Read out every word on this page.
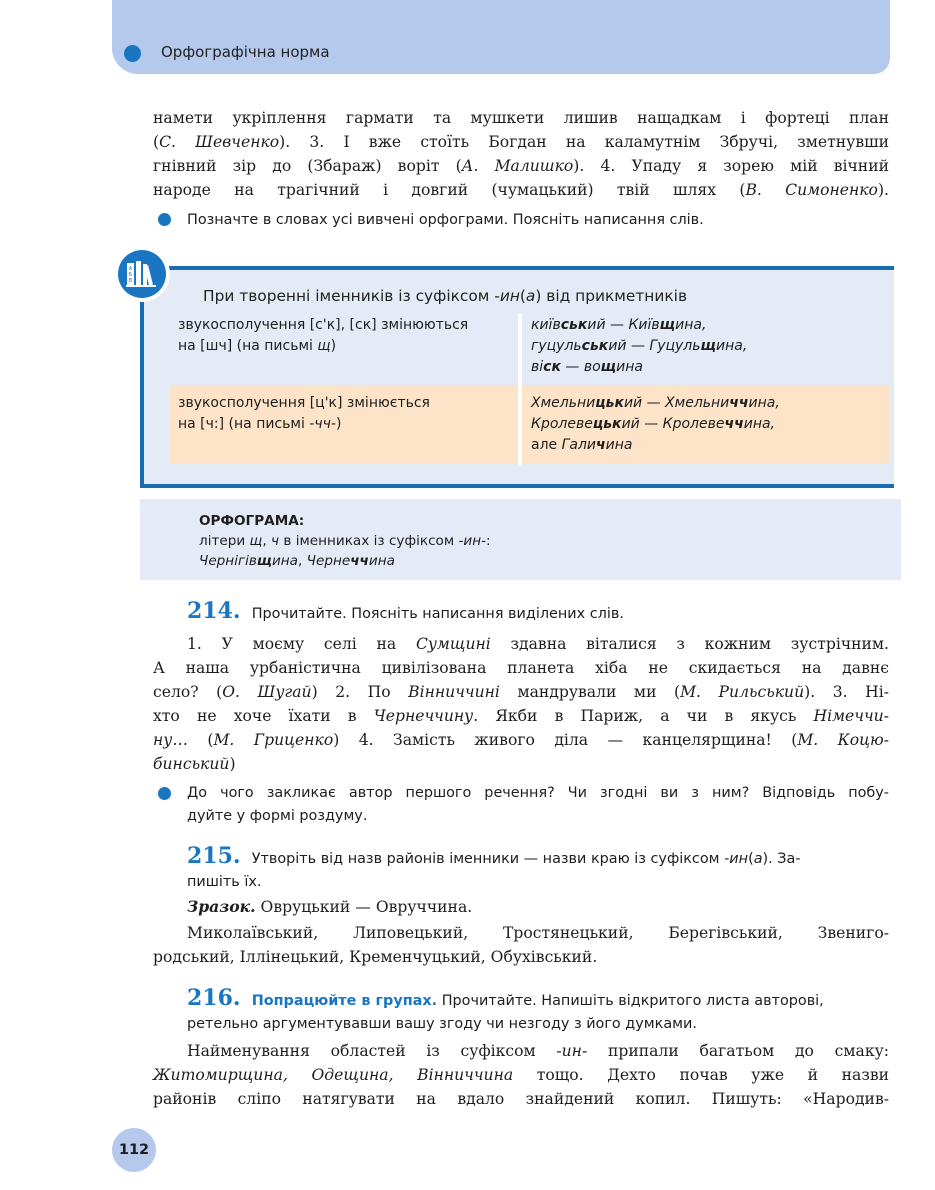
Орфографічна норма
намети укріплення гармати та мушкети лишив нащадкам і фортеці план
(С. Шевченко). 3. І вже стоїть Богдан на каламутнім Збручі, зметнувши
гнівний зір до (Збараж) воріт (А. Малишко). 4. Упаду я зорею мій вічний
народе на трагічний і довгий (чумацький) твій шлях (В. Симоненко).
Позначте в словах усі вивчені орфограми. Поясніть написання слів.
А
Б
В
При творенні іменників із суфіксом -ин(а) від прикметників
звукосполучення [с'к], [ск] змінюються
на [шч] (на письмі щ)
київський — Київщина,
гуцульський — Гуцульщина,
віск — вощина
звукосполучення [ц'к] змінюється
на [ч:] (на письмі -чч-)
Хмельницький — Хмельниччина,
Кролевецький — Кролевеччина,
але Галичина
ОРФОГРАМА:
літери щ, ч в іменниках із суфіксом -ин-:
Чернігівщина, Чернеччина
214. Прочитайте. Поясніть написання виділених слів.
1. У моєму селі на Сумщині здавна віталися з кожним зустрічним.
А наша урбаністична цивілізована планета хіба не скидається на давнє
село? (О. Шугай) 2. По Вінниччині мандрували ми (М. Рильський). 3. Ні-
хто не хоче їхати в Чернеччину. Якби в Париж, а чи в якусь Німеччи-
ну… (М. Гриценко) 4. Замість живого діла — канцелярщина! (М. Коцю-
бинський)
До чого закликає автор першого речення? Чи згодні ви з ним? Відповідь побу-
дуйте у формі роздуму.
215. Утворіть від назв районів іменники — назви краю із суфіксом -ин(а). За-
пишіть їх.
Зразок. Овруцький — Овруччина.
Миколаївський, Липовецький, Тростянецький, Берегівський, Звениго-
родський, Іллінецький, Кременчуцький, Обухівський.
216. Попрацюйте в групах. Прочитайте. Напишіть відкритого листа авторові,
ретельно аргументувавши вашу згоду чи незгоду з його думками.
Найменування областей із суфіксом -ин- припали багатьом до смаку:
Житомирщина, Одещина, Вінниччина тощо. Дехто почав уже й назви
районів сліпо натягувати на вдало знайдений копил. Пишуть: «Народив-
112
